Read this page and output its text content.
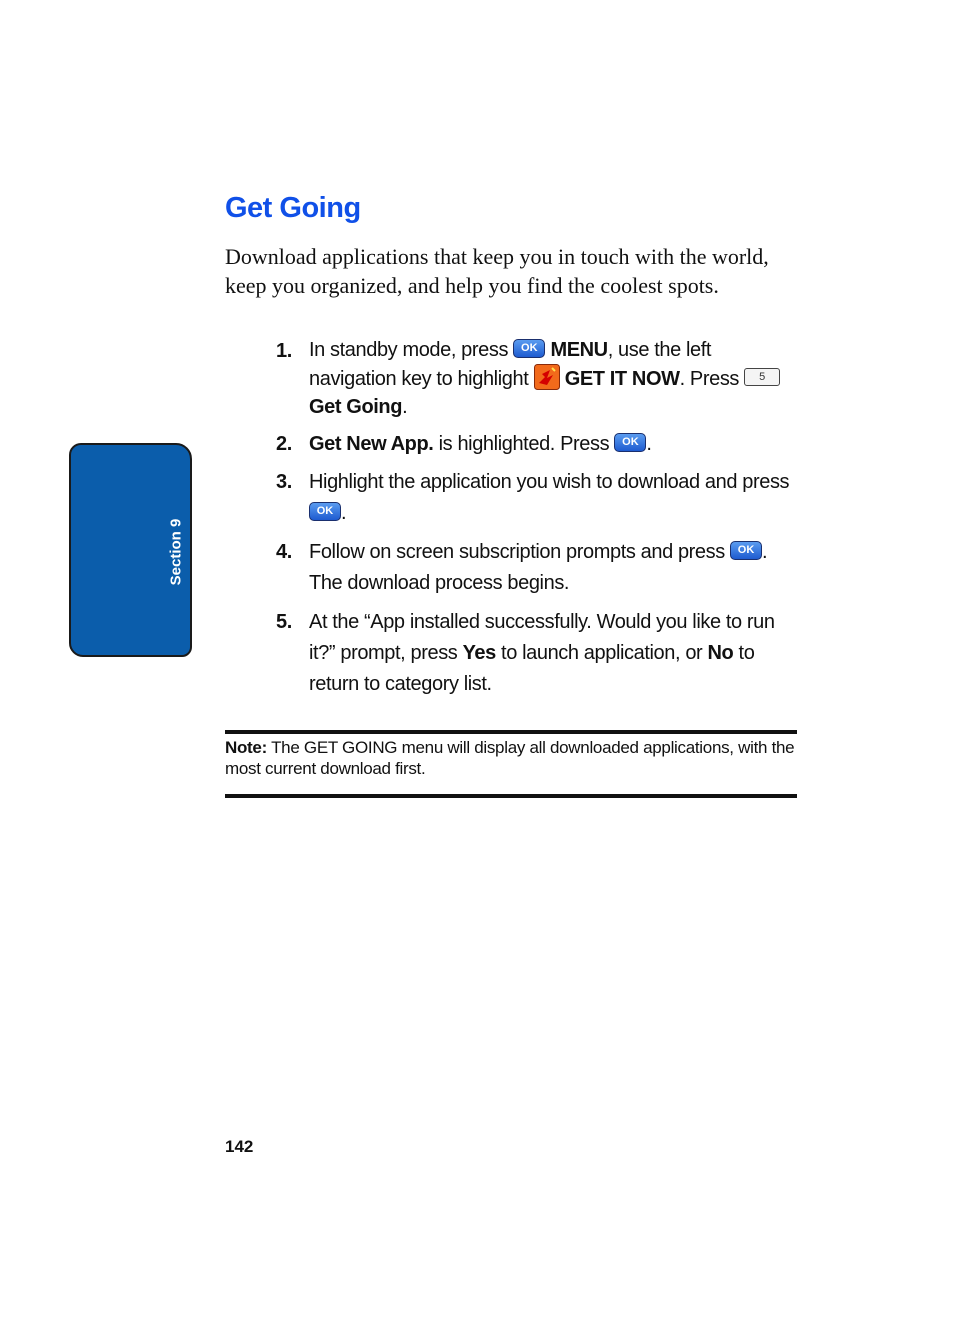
Section 9
Get Going

Download applications that keep you in touch with the world, keep you organized, and help you find the coolest spots.

1. In standby mode, press OK MENU, use the left navigation key to highlight GET IT NOW. Press 5 Get Going.
2. Get New App. is highlighted. Press OK .
3. Highlight the application you wish to download and press OK .
4. Follow on screen subscription prompts and press OK . The download process begins.
5. At the “App installed successfully. Would you like to run it?” prompt, press Yes to launch application, or No to return to category list.

Note: The GET GOING menu will display all downloaded applications, with the most current download first.

142
